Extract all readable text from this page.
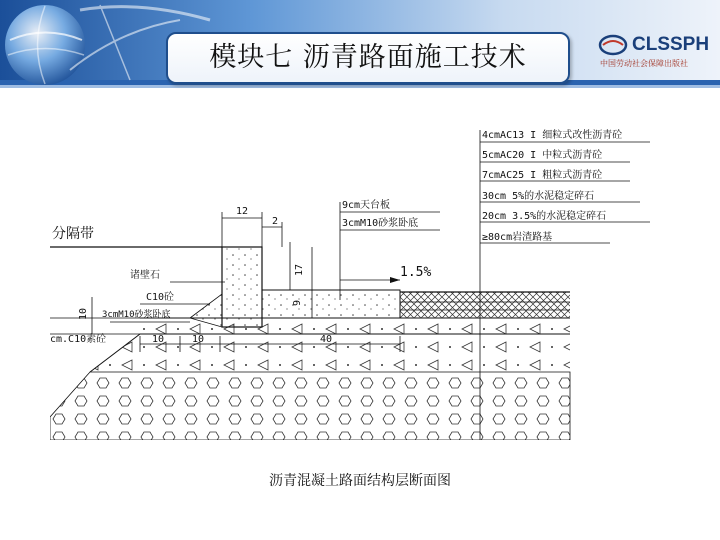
模块七 沥青路面施工技术	CLSSPH
中国劳动社会保障出版社
4cmAC13 I 细粒式改性沥青砼
5cmAC20 I 中粒式沥青砼
7cmAC25 I 粗粒式沥青砼
30cm 5%的水泥稳定碎石
20cm 3.5%的水泥稳定碎石
≥80cm岩渣路基
分隔带
诸壁石
C10砼
3cmM10砂浆卧底
cm.C10素砼
9cm天台板
3cmM10砂浆卧底
1.5%
12
2
17
9
10
10	10	40
沥青混凝土路面结构层断面图
